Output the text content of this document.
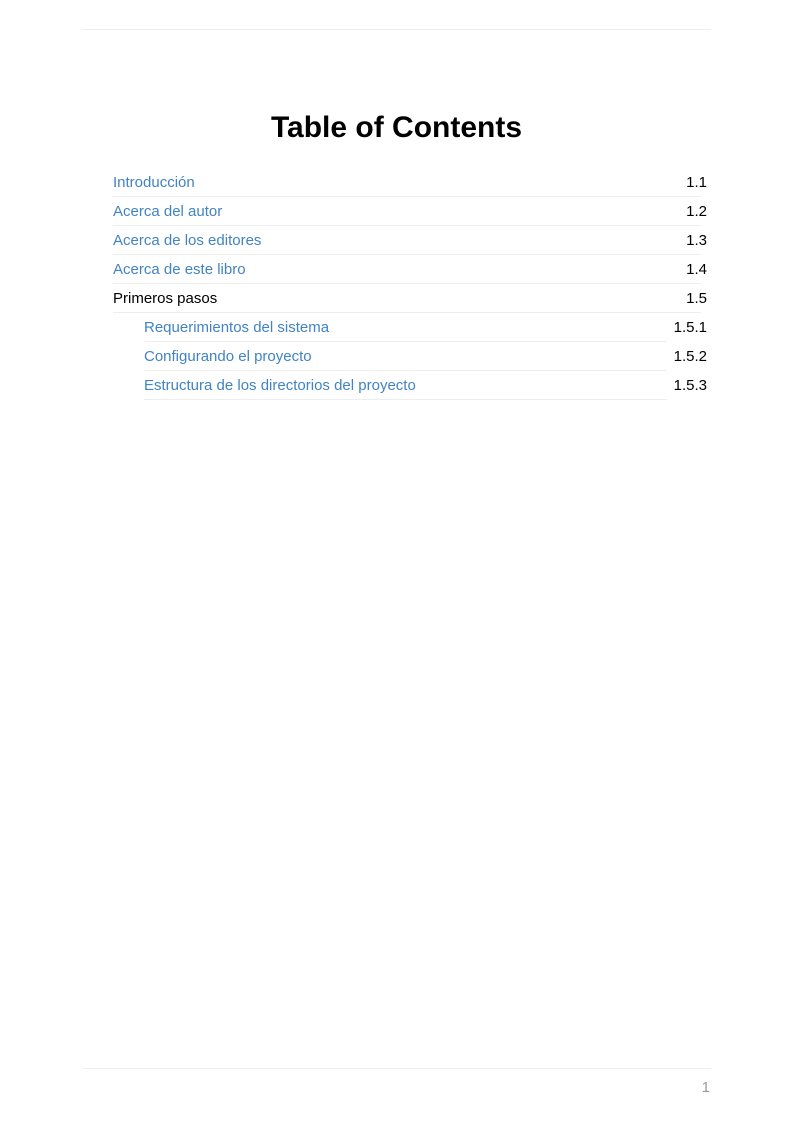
Table of Contents
Introducción	1.1
Acerca del autor	1.2
Acerca de los editores	1.3
Acerca de este libro	1.4
Primeros pasos	1.5
Requerimientos del sistema	1.5.1
Configurando el proyecto	1.5.2
Estructura de los directorios del proyecto	1.5.3
1
